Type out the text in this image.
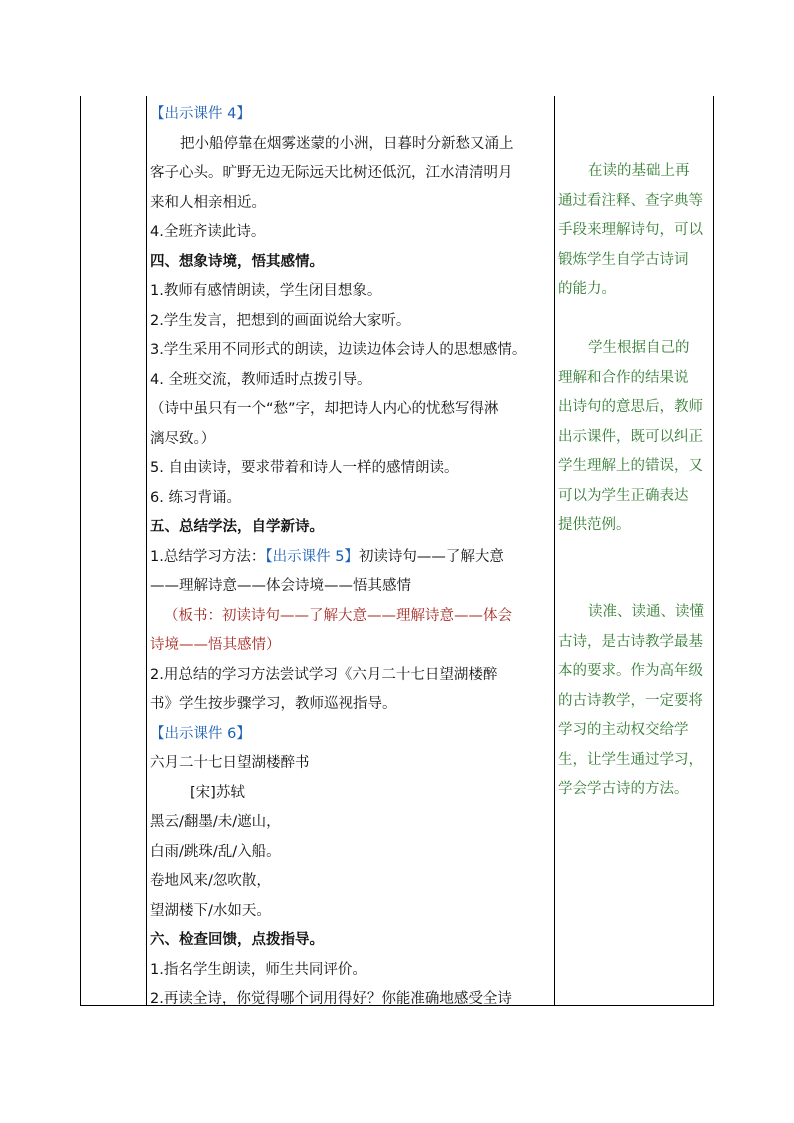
【出示课件 4】
把小船停靠在烟雾迷蒙的小洲，日暮时分新愁又涌上
客子心头。旷野无边无际远天比树还低沉，江水清清明月
来和人相亲相近。
4.全班齐读此诗。
四、想象诗境，悟其感情。
1.教师有感情朗读，学生闭目想象。
2.学生发言，把想到的画面说给大家听。
3.学生采用不同形式的朗读，边读边体会诗人的思想感情。
4. 全班交流，教师适时点拨引导。
（诗中虽只有一个“愁”字，却把诗人内心的忧愁写得淋
漓尽致。）
5. 自由读诗，要求带着和诗人一样的感情朗读。
6. 练习背诵。
五、总结学法，自学新诗。
1.总结学习方法：【出示课件 5】初读诗句——了解大意
——理解诗意——体会诗境——悟其感情
（板书：初读诗句——了解大意——理解诗意——体会
诗境——悟其感情）
2.用总结的学习方法尝试学习《六月二十七日望湖楼醉
书》学生按步骤学习，教师巡视指导。
【出示课件 6】
六月二十七日望湖楼醉书
[宋]苏轼
黑云/翻墨/未/遮山，
白雨/跳珠/乱/入船。
卷地风来/忽吹散，
望湖楼下/水如天。
六、检查回馈，点拨指导。
1.指名学生朗读，师生共同评价。
2.再读全诗，你觉得哪个词用得好？你能准确地感受全诗
在读的基础上再
通过看注释、查字典等
手段来理解诗句，可以
锻炼学生自学古诗词
的能力。
学生根据自己的
理解和合作的结果说
出诗句的意思后，教师
出示课件，既可以纠正
学生理解上的错误，又
可以为学生正确表达
提供范例。
读准、读通、读懂
古诗，是古诗教学最基
本的要求。作为高年级
的古诗教学，一定要将
学习的主动权交给学
生，让学生通过学习，
学会学古诗的方法。
